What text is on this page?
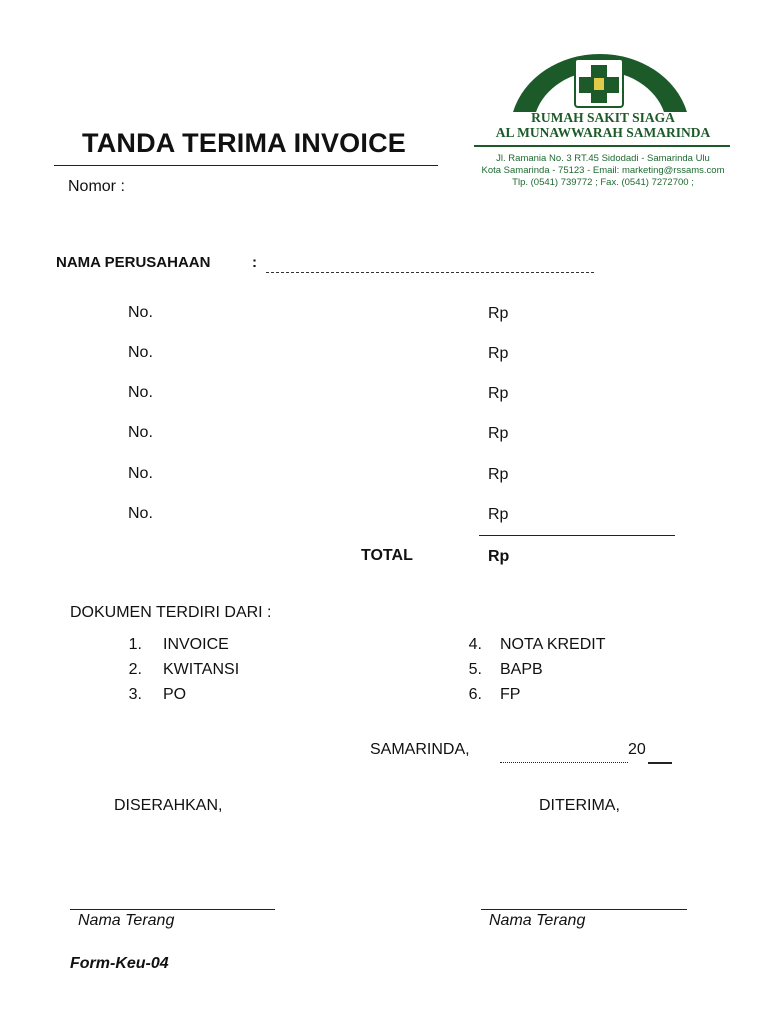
TANDA TERIMA INVOICE
Nomor :
RUMAH SAKIT SIAGA
AL MUNAWWARAH SAMARINDA
Jl. Ramania No. 3 RT.45 Sidodadi - Samarinda Ulu
Kota Samarinda - 75123 - Email: marketing@rssams.com
Tlp. (0541) 739772 ; Fax. (0541) 7272700 ;
NAMA PERUSAHAAN	:
No.	Rp
No.	Rp
No.	Rp
No.	Rp
No.	Rp
No.	Rp
TOTAL	Rp
DOKUMEN TERDIRI DARI :
1. INVOICE
2. KWITANSI
3. PO
4. NOTA KREDIT
5. BAPB
6. FP
SAMARINDA,	20
DISERAHKAN,	DITERIMA,
Nama Terang	Nama Terang
Form-Keu-04
